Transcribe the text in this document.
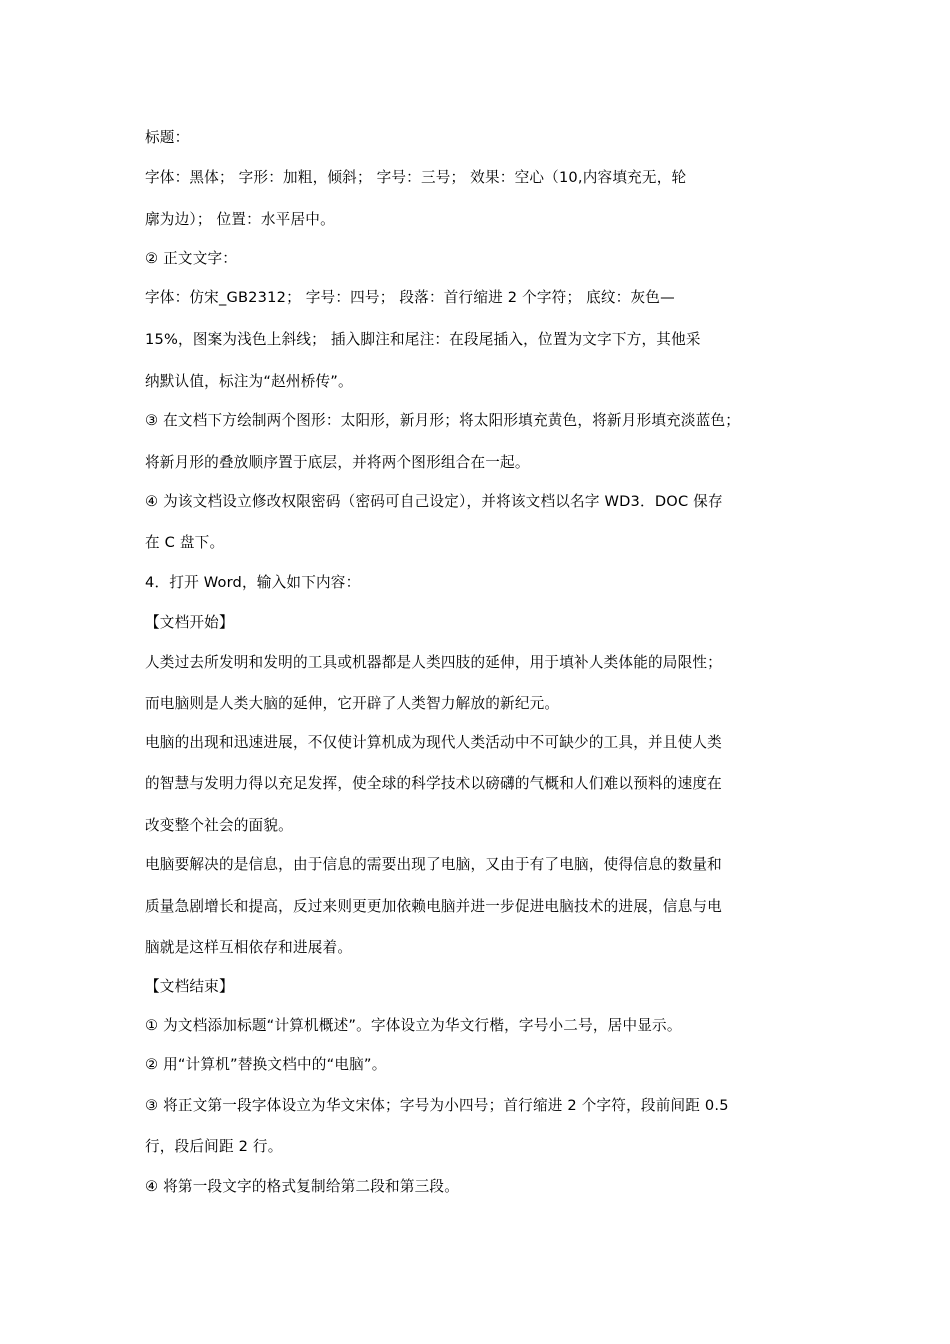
标题：
字体：黑体； 字形：加粗，倾斜； 字号：三号； 效果：空心（10,内容填充无，轮
廓为边）； 位置：水平居中。
② 正文文字：
字体：仿宋_GB2312； 字号：四号； 段落：首行缩进 2 个字符； 底纹：灰色—
15%，图案为浅色上斜线； 插入脚注和尾注：在段尾插入，位置为文字下方，其他采
纳默认值，标注为“赵州桥传”。
③ 在文档下方绘制两个图形：太阳形，新月形；将太阳形填充黄色，将新月形填充淡蓝色；
将新月形的叠放顺序置于底层，并将两个图形组合在一起。
④ 为该文档设立修改权限密码（密码可自己设定），并将该文档以名字 WD3．DOC 保存
在 C 盘下。
4．打开 Word，输入如下内容：
【文档开始】
人类过去所发明和发明的工具或机器都是人类四肢的延伸，用于填补人类体能的局限性；
而电脑则是人类大脑的延伸，它开辟了人类智力解放的新纪元。
电脑的出现和迅速进展，不仅使计算机成为现代人类活动中不可缺少的工具，并且使人类
的智慧与发明力得以充足发挥，使全球的科学技术以磅礴的气概和人们难以预料的速度在
改变整个社会的面貌。
电脑要解决的是信息，由于信息的需要出现了电脑，又由于有了电脑，使得信息的数量和
质量急剧增长和提高，反过来则更更加依赖电脑并进一步促进电脑技术的进展，信息与电
脑就是这样互相依存和进展着。
【文档结束】
① 为文档添加标题“计算机概述”。字体设立为华文行楷，字号小二号，居中显示。
② 用“计算机”替换文档中的“电脑”。
③ 将正文第一段字体设立为华文宋体；字号为小四号；首行缩进 2 个字符，段前间距 0.5
行，段后间距 2 行。
④ 将第一段文字的格式复制给第二段和第三段。
